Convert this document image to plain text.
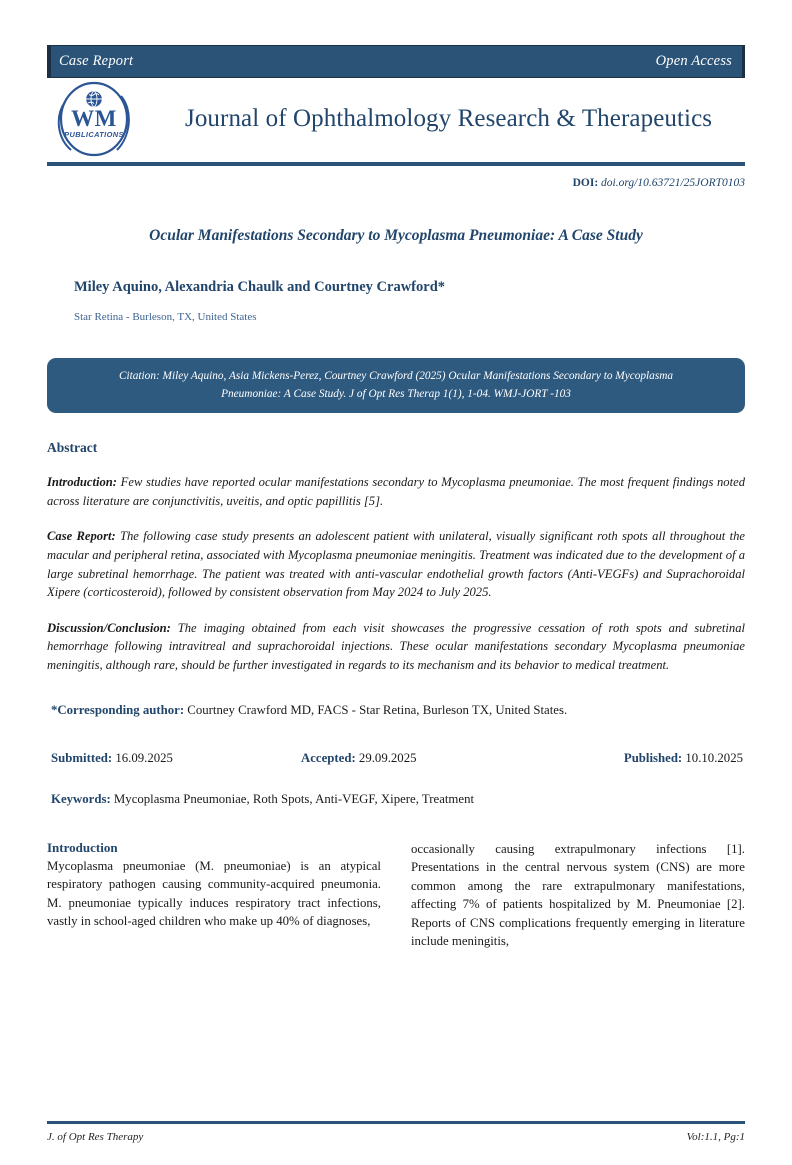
Case Report	Open Access
WM
PUBLICATIONS
Journal of Ophthalmology Research & Therapeutics
DOI: doi.org/10.63721/25JORT0103
Ocular Manifestations Secondary to Mycoplasma Pneumoniae: A Case Study
Miley Aquino, Alexandria Chaulk and Courtney Crawford*
Star Retina - Burleson, TX, United States
Citation: Miley Aquino, Asia Mickens-Perez, Courtney Crawford (2025) Ocular Manifestations Secondary to Mycoplasma Pneumoniae: A Case Study. J of Opt Res Therap 1(1), 1-04. WMJ-JORT -103
Abstract
Introduction: Few studies have reported ocular manifestations secondary to Mycoplasma pneumoniae. The most frequent findings noted across literature are conjunctivitis, uveitis, and optic papillitis [5].
Case Report: The following case study presents an adolescent patient with unilateral, visually significant roth spots all throughout the macular and peripheral retina, associated with Mycoplasma pneumoniae meningitis. Treatment was indicated due to the development of a large subretinal hemorrhage. The patient was treated with anti-vascular endothelial growth factors (Anti-VEGFs) and Suprachoroidal Xipere (corticosteroid), followed by consistent observation from May 2024 to July 2025.
Discussion/Conclusion: The imaging obtained from each visit showcases the progressive cessation of roth spots and subretinal hemorrhage following intravitreal and suprachoroidal injections. These ocular manifestations secondary Mycoplasma pneumoniae meningitis, although rare, should be further investigated in regards to its mechanism and its behavior to medical treatment.
*Corresponding author: Courtney Crawford MD, FACS - Star Retina, Burleson TX, United States.
Submitted: 16.09.2025	Accepted: 29.09.2025	Published: 10.10.2025
Keywords: Mycoplasma Pneumoniae, Roth Spots, Anti-VEGF, Xipere, Treatment
Introduction

Mycoplasma pneumoniae (M. pneumoniae) is an atypical respiratory pathogen causing community-acquired pneumonia. M. pneumoniae typically induces respiratory tract infections, vastly in school-aged children who make up 40% of diagnoses,

occasionally causing extrapulmonary infections [1]. Presentations in the central nervous system (CNS) are more common among the rare extrapulmonary manifestations, affecting 7% of patients hospitalized by M. Pneumoniae [2]. Reports of CNS complications frequently emerging in literature include meningitis,

J. of Opt Res Therapy	Vol:1.1, Pg:1
